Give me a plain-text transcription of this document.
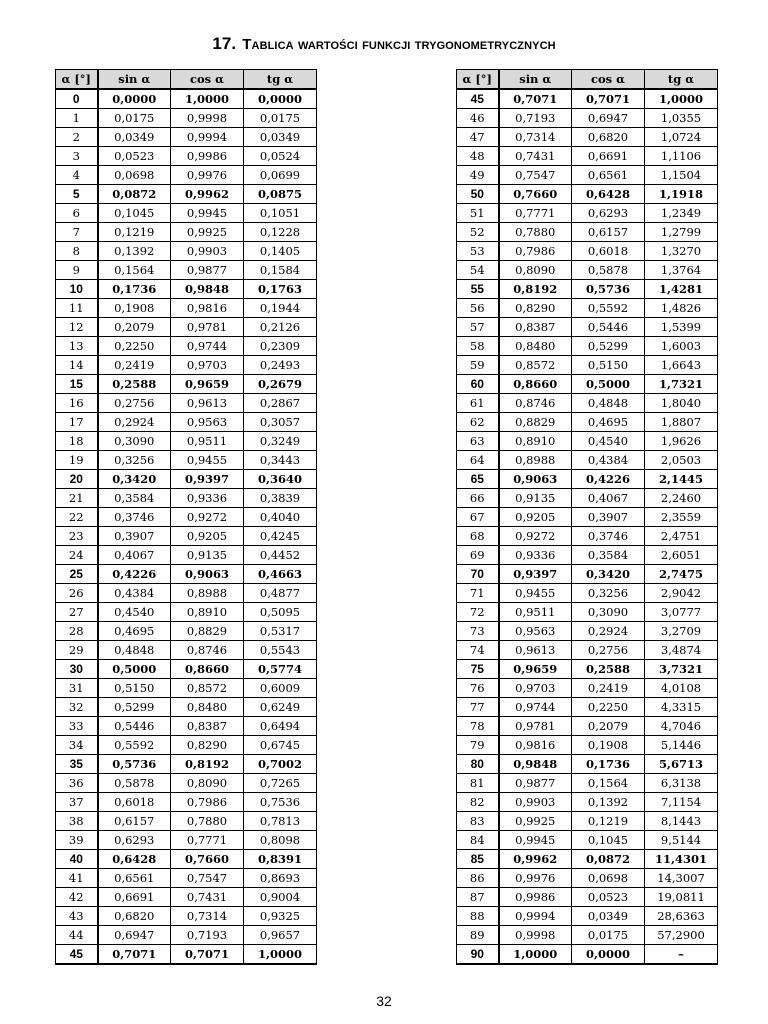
17. Tablica wartości funkcji trygonometrycznych
α [°]	sin α	cos α	tg α
0	0,0000	1,0000	0,0000
1	0,0175	0,9998	0,0175
2	0,0349	0,9994	0,0349
3	0,0523	0,9986	0,0524
4	0,0698	0,9976	0,0699
5	0,0872	0,9962	0,0875
6	0,1045	0,9945	0,1051
7	0,1219	0,9925	0,1228
8	0,1392	0,9903	0,1405
9	0,1564	0,9877	0,1584
10	0,1736	0,9848	0,1763
11	0,1908	0,9816	0,1944
12	0,2079	0,9781	0,2126
13	0,2250	0,9744	0,2309
14	0,2419	0,9703	0,2493
15	0,2588	0,9659	0,2679
16	0,2756	0,9613	0,2867
17	0,2924	0,9563	0,3057
18	0,3090	0,9511	0,3249
19	0,3256	0,9455	0,3443
20	0,3420	0,9397	0,3640
21	0,3584	0,9336	0,3839
22	0,3746	0,9272	0,4040
23	0,3907	0,9205	0,4245
24	0,4067	0,9135	0,4452
25	0,4226	0,9063	0,4663
26	0,4384	0,8988	0,4877
27	0,4540	0,8910	0,5095
28	0,4695	0,8829	0,5317
29	0,4848	0,8746	0,5543
30	0,5000	0,8660	0,5774
31	0,5150	0,8572	0,6009
32	0,5299	0,8480	0,6249
33	0,5446	0,8387	0,6494
34	0,5592	0,8290	0,6745
35	0,5736	0,8192	0,7002
36	0,5878	0,8090	0,7265
37	0,6018	0,7986	0,7536
38	0,6157	0,7880	0,7813
39	0,6293	0,7771	0,8098
40	0,6428	0,7660	0,8391
41	0,6561	0,7547	0,8693
42	0,6691	0,7431	0,9004
43	0,6820	0,7314	0,9325
44	0,6947	0,7193	0,9657
45	0,7071	0,7071	1,0000
α [°]	sin α	cos α	tg α
45	0,7071	0,7071	1,0000
46	0,7193	0,6947	1,0355
47	0,7314	0,6820	1,0724
48	0,7431	0,6691	1,1106
49	0,7547	0,6561	1,1504
50	0,7660	0,6428	1,1918
51	0,7771	0,6293	1,2349
52	0,7880	0,6157	1,2799
53	0,7986	0,6018	1,3270
54	0,8090	0,5878	1,3764
55	0,8192	0,5736	1,4281
56	0,8290	0,5592	1,4826
57	0,8387	0,5446	1,5399
58	0,8480	0,5299	1,6003
59	0,8572	0,5150	1,6643
60	0,8660	0,5000	1,7321
61	0,8746	0,4848	1,8040
62	0,8829	0,4695	1,8807
63	0,8910	0,4540	1,9626
64	0,8988	0,4384	2,0503
65	0,9063	0,4226	2,1445
66	0,9135	0,4067	2,2460
67	0,9205	0,3907	2,3559
68	0,9272	0,3746	2,4751
69	0,9336	0,3584	2,6051
70	0,9397	0,3420	2,7475
71	0,9455	0,3256	2,9042
72	0,9511	0,3090	3,0777
73	0,9563	0,2924	3,2709
74	0,9613	0,2756	3,4874
75	0,9659	0,2588	3,7321
76	0,9703	0,2419	4,0108
77	0,9744	0,2250	4,3315
78	0,9781	0,2079	4,7046
79	0,9816	0,1908	5,1446
80	0,9848	0,1736	5,6713
81	0,9877	0,1564	6,3138
82	0,9903	0,1392	7,1154
83	0,9925	0,1219	8,1443
84	0,9945	0,1045	9,5144
85	0,9962	0,0872	11,4301
86	0,9976	0,0698	14,3007
87	0,9986	0,0523	19,0811
88	0,9994	0,0349	28,6363
89	0,9998	0,0175	57,2900
90	1,0000	0,0000	–
32
